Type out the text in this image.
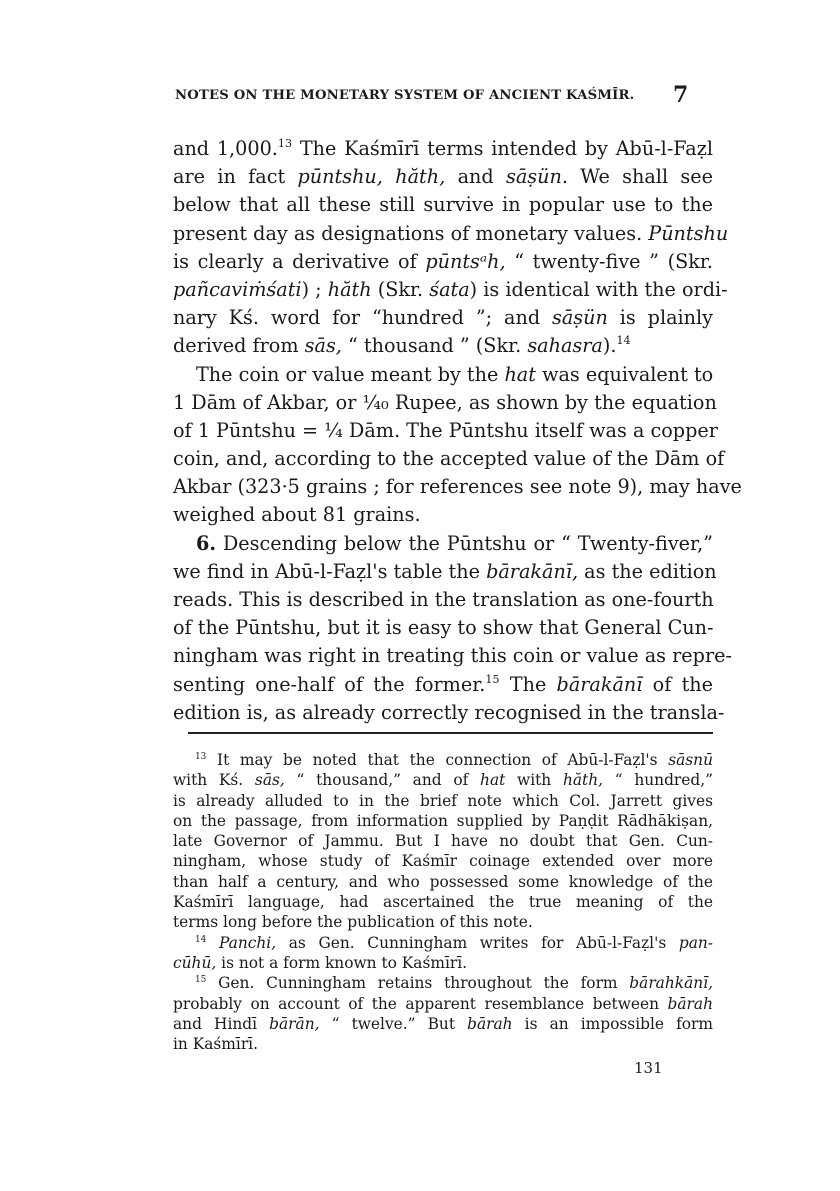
NOTES ON THE MONETARY SYSTEM OF ANCIENT KAŚMĪR. 7
and 1,000.13 The Kaśmīrī terms intended by Abū-l-Faẓl
are in fact pūntshu, hăth, and sāṣün. We shall see
below that all these still survive in popular use to the
present day as designations of monetary values. Pūntshu
is clearly a derivative of pūntsᵃh, “ twenty-five ” (Skr.
pañcaviṁśati) ; hăth (Skr. śata) is identical with the ordi-
nary Kś. word for “hundred ”; and sāṣün is plainly
derived from sās, “ thousand ” (Skr. sahasra).$^{14}$
The coin or value meant by the hat was equivalent to
1 Dām of Akbar, or ¹⁄₄₀ Rupee, as shown by the equation
of 1 Pūntshu = ¼ Dām. The Pūntshu itself was a copper
coin, and, according to the accepted value of the Dām of
Akbar (323·5 grains ; for references see note 9), may have
weighed about 81 grains.
6. Descending below the Pūntshu or “ Twenty-fiver,”
we find in Abū-l-Faẓl's table the bārakānī, as the edition
reads. This is described in the translation as one-fourth
of the Pūntshu, but it is easy to show that General Cun-
ningham was right in treating this coin or value as repre-
senting one-half of the former.$^{15}$ The bārakānī of the
edition is, as already correctly recognised in the transla-
$^{13}$ It may be noted that the connection of Abū-l-Faẓl's sāsnū
with Kś. sās, “ thousand,” and of hat with hăth, “ hundred,”
is already alluded to in the brief note which Col. Jarrett gives
on the passage, from information supplied by Paṇḍit Rādhākiṣan,
late Governor of Jammu. But I have no doubt that Gen. Cun-
ningham, whose study of Kaśmīr coinage extended over more
than half a century, and who possessed some knowledge of the
Kaśmīrī language, had ascertained the true meaning of the
terms long before the publication of this note.
$^{14}$ Panchi, as Gen. Cunningham writes for Abū-l-Faẓl's pan-
cūhū, is not a form known to Kaśmīrī.
$^{15}$ Gen. Cunningham retains throughout the form bārahkānī,
probably on account of the apparent resemblance between bārah
and Hindī bārān, “ twelve.” But bārah is an impossible form
in Kaśmīrī.
131
